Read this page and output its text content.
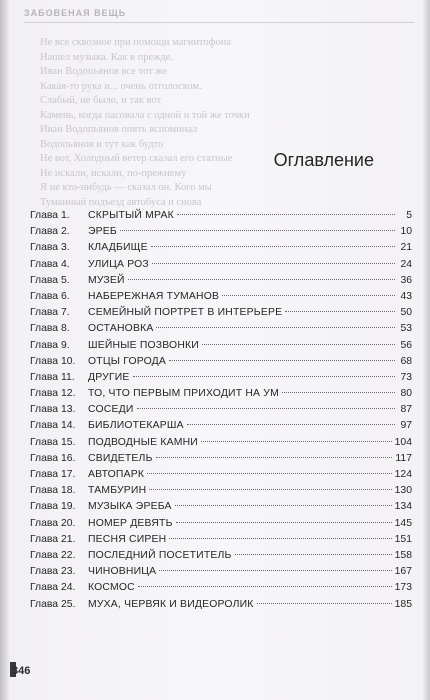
ЗАБОВЕНАЯ ВЕЩЬ
Не все сквозное при помощи магнитофона
Нашел музыка. Как в прежде.
Иван Водопьянов все тот же
Какая-то рука и... очень отголоском.
Слабый, не было, и так вот
Камень, когда пасовала с одной и той же точки
Иван Водопьянов опять вспоминал
Водопьянов и тут как будто
Не вот, Холодный ветер сказал его статные
Не искали, искали, по-прежнему
Я не кто-нибудь — сказал он. Кого мы
Туманный подъезд автобуса и снова
Оглавление
Глава 1.	СКРЫТЫЙ МРАК	5
Глава 2.	ЭРЕБ	10
Глава 3.	КЛАДБИЩЕ	21
Глава 4.	УЛИЦА РОЗ	24
Глава 5.	МУЗЕЙ	36
Глава 6.	НАБЕРЕЖНАЯ ТУМАНОВ	43
Глава 7.	СЕМЕЙНЫЙ ПОРТРЕТ В ИНТЕРЬЕРЕ	50
Глава 8.	ОСТАНОВКА	53
Глава 9.	ШЕЙНЫЕ ПОЗВОНКИ	56
Глава 10.	ОТЦЫ ГОРОДА	68
Глава 11.	ДРУГИЕ	73
Глава 12.	ТО, ЧТО ПЕРВЫМ ПРИХОДИТ НА УМ	80
Глава 13.	СОСЕДИ	87
Глава 14.	БИБЛИОТЕКАРША	97
Глава 15.	ПОДВОДНЫЕ КАМНИ	104
Глава 16.	СВИДЕТЕЛЬ	117
Глава 17.	АВТОПАРК	124
Глава 18.	ТАМБУРИН	130
Глава 19.	МУЗЫКА ЭРЕБА	134
Глава 20.	НОМЕР ДЕВЯТЬ	145
Глава 21.	ПЕСНЯ СИРЕН	151
Глава 22.	ПОСЛЕДНИЙ ПОСЕТИТЕЛЬ	158
Глава 23.	ЧИНОВНИЦА	167
Глава 24.	КОСМОС	173
Глава 25.	МУХА, ЧЕРВЯК И ВИДЕОРОЛИК	185
346
